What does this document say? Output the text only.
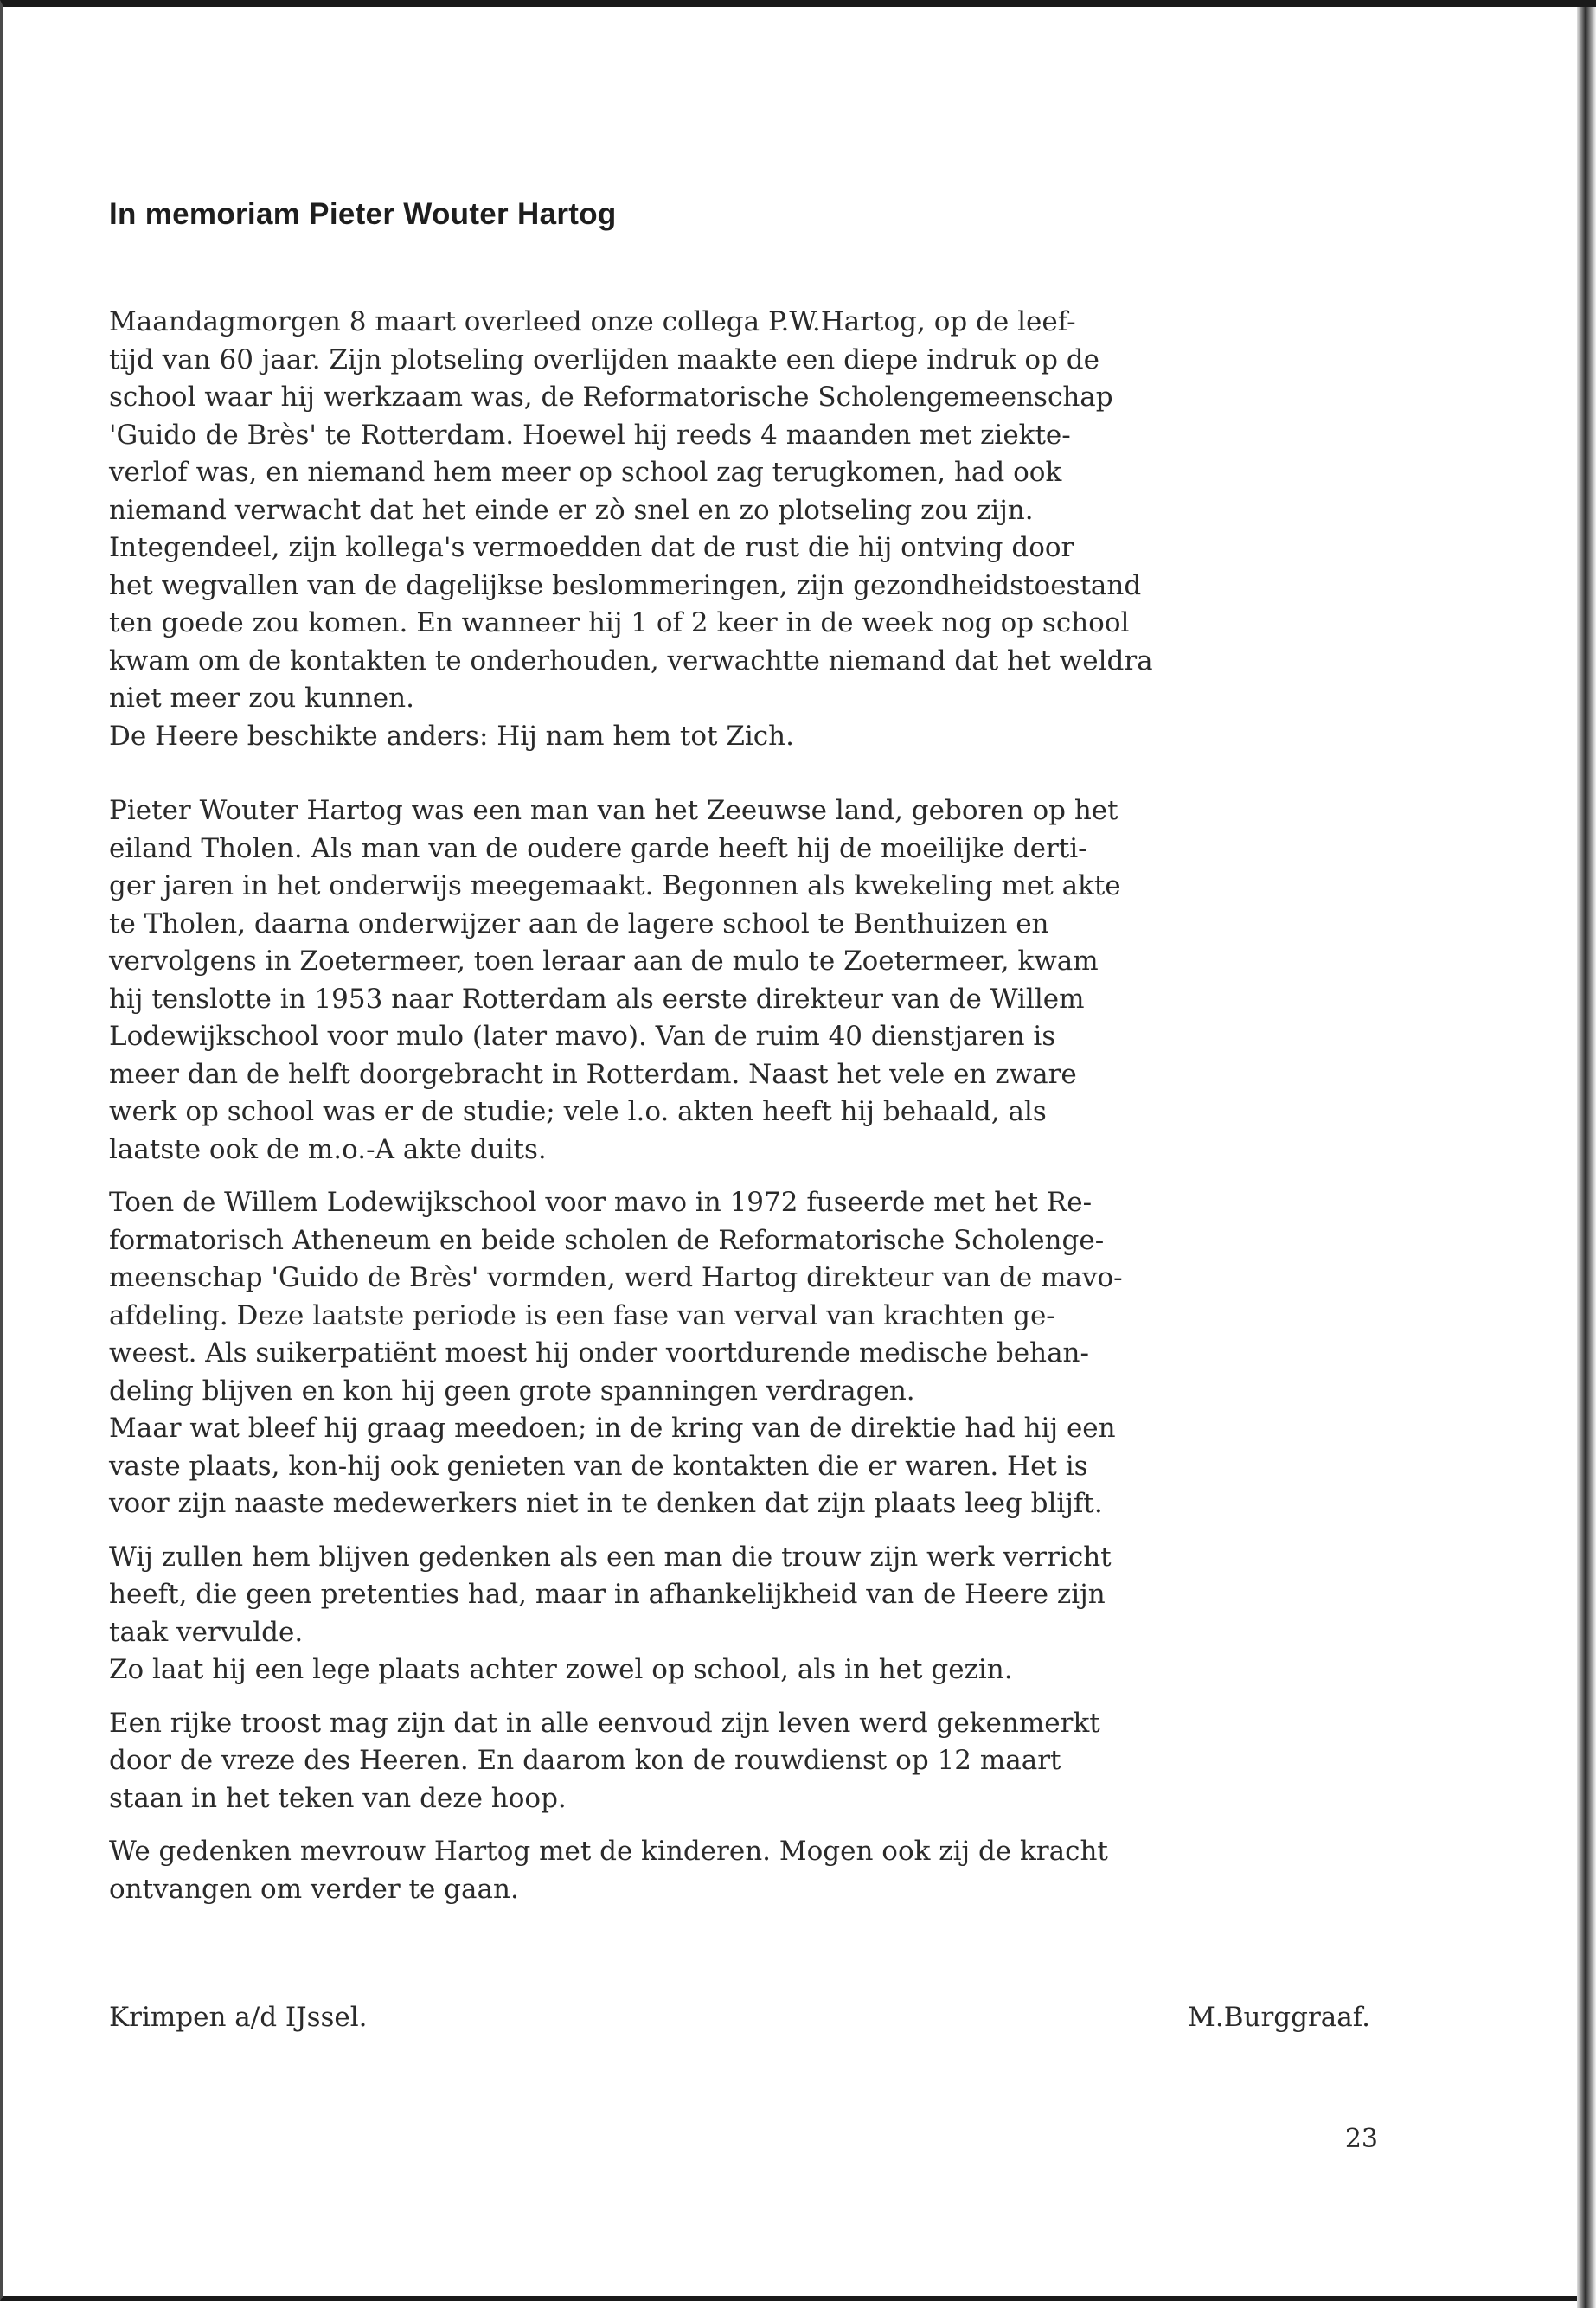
In memoriam Pieter Wouter Hartog

Maandagmorgen 8 maart overleed onze collega P.W.Hartog, op de leef-
tijd van 60 jaar. Zijn plotseling overlijden maakte een diepe indruk op de
school waar hij werkzaam was, de Reformatorische Scholengemeenschap
'Guido de Brès' te Rotterdam. Hoewel hij reeds 4 maanden met ziekte-
verlof was, en niemand hem meer op school zag terugkomen, had ook
niemand verwacht dat het einde er zò snel en zo plotseling zou zijn.
Integendeel, zijn kollega's vermoedden dat de rust die hij ontving door
het wegvallen van de dagelijkse beslommeringen, zijn gezondheidstoestand
ten goede zou komen. En wanneer hij 1 of 2 keer in de week nog op school
kwam om de kontakten te onderhouden, verwachtte niemand dat het weldra
niet meer zou kunnen.
De Heere beschikte anders: Hij nam hem tot Zich.

Pieter Wouter Hartog was een man van het Zeeuwse land, geboren op het
eiland Tholen. Als man van de oudere garde heeft hij de moeilijke derti-
ger jaren in het onderwijs meegemaakt. Begonnen als kwekeling met akte
te Tholen, daarna onderwijzer aan de lagere school te Benthuizen en
vervolgens in Zoetermeer, toen leraar aan de mulo te Zoetermeer, kwam
hij tenslotte in 1953 naar Rotterdam als eerste direkteur van de Willem
Lodewijkschool voor mulo (later mavo). Van de ruim 40 dienstjaren is
meer dan de helft doorgebracht in Rotterdam. Naast het vele en zware
werk op school was er de studie; vele l.o. akten heeft hij behaald, als
laatste ook de m.o.-A akte duits.

Toen de Willem Lodewijkschool voor mavo in 1972 fuseerde met het Re-
formatorisch Atheneum en beide scholen de Reformatorische Scholenge-
meenschap 'Guido de Brès' vormden, werd Hartog direkteur van de mavo-
afdeling. Deze laatste periode is een fase van verval van krachten ge-
weest. Als suikerpatiënt moest hij onder voortdurende medische behan-
deling blijven en kon hij geen grote spanningen verdragen.
Maar wat bleef hij graag meedoen; in de kring van de direktie had hij een
vaste plaats, kon-hij ook genieten van de kontakten die er waren. Het is
voor zijn naaste medewerkers niet in te denken dat zijn plaats leeg blijft.

Wij zullen hem blijven gedenken als een man die trouw zijn werk verricht
heeft, die geen pretenties had, maar in afhankelijkheid van de Heere zijn
taak vervulde.
Zo laat hij een lege plaats achter zowel op school, als in het gezin.

Een rijke troost mag zijn dat in alle eenvoud zijn leven werd gekenmerkt
door de vreze des Heeren. En daarom kon de rouwdienst op 12 maart
staan in het teken van deze hoop.

We gedenken mevrouw Hartog met de kinderen. Mogen ook zij de kracht
ontvangen om verder te gaan.

Krimpen a/d IJssel.	M.Burggraaf.
23
